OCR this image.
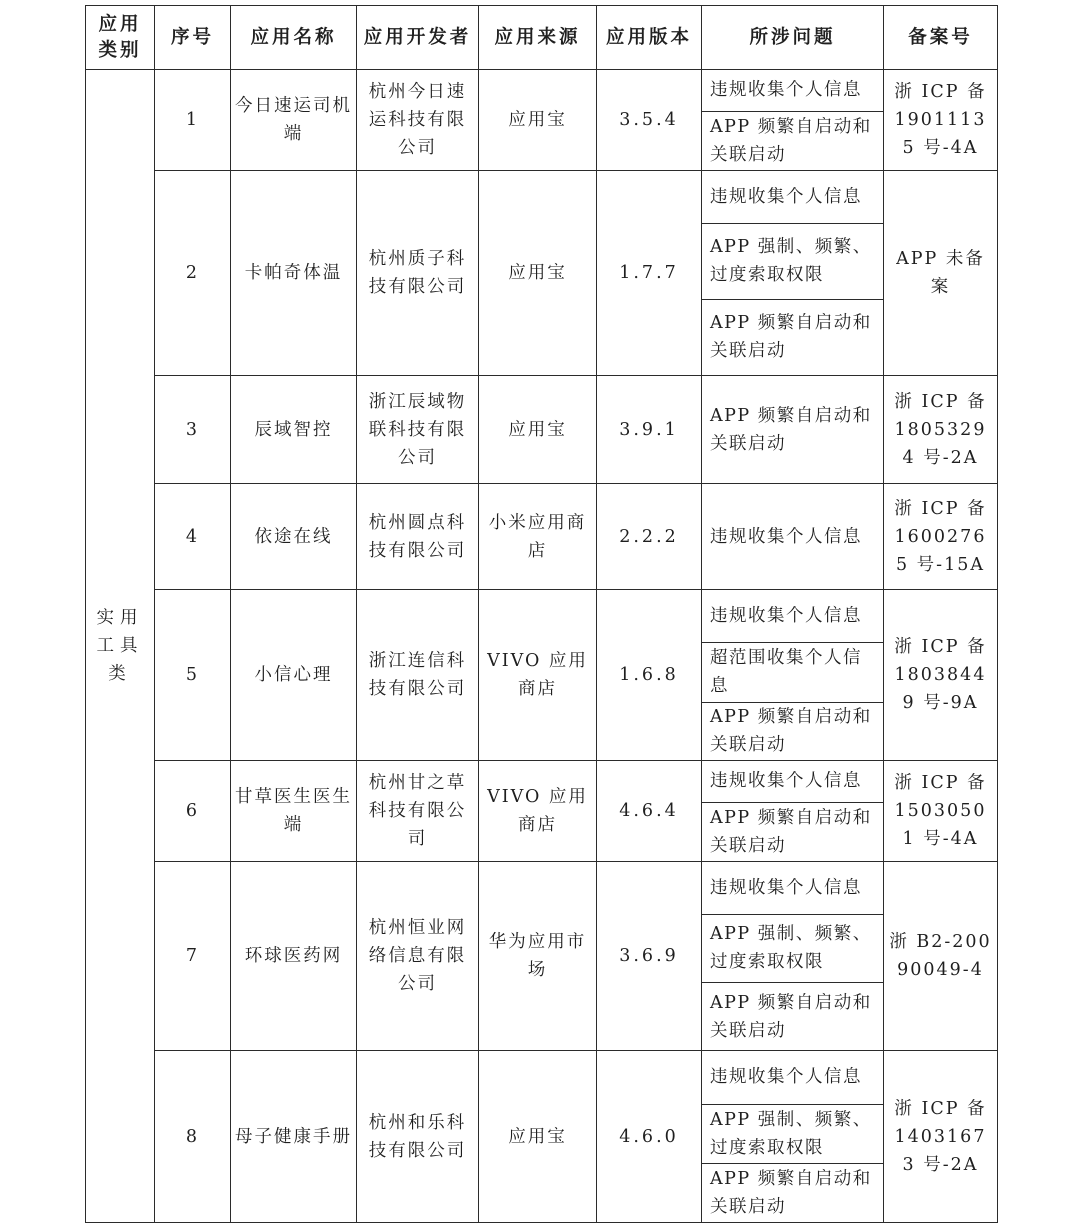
应用类别	序号	应用名称	应用开发者	应用来源	应用版本	所涉问题	备案号
实用工具类	1	今日速运司机端	杭州今日速运科技有限公司	应用宝	3.5.4	违规收集个人信息	浙 ICP 备 19011135 号-4A
						APP 频繁自启动和关联启动	
	2	卡帕奇体温	杭州质子科技有限公司	应用宝	1.7.7	违规收集个人信息	APP 未备案
						APP 强制、频繁、过度索取权限	
						APP 频繁自启动和关联启动	
	3	辰域智控	浙江辰域物联科技有限公司	应用宝	3.9.1	APP 频繁自启动和关联启动	浙 ICP 备 18053294 号-2A
	4	依途在线	杭州圆点科技有限公司	小米应用商店	2.2.2	违规收集个人信息	浙 ICP 备 16002765 号-15A
	5	小信心理	浙江连信科技有限公司	VIVO 应用商店	1.6.8	违规收集个人信息	浙 ICP 备 18038449 号-9A
						超范围收集个人信息	
						APP 频繁自启动和关联启动	
	6	甘草医生医生端	杭州甘之草科技有限公司	VIVO 应用商店	4.6.4	违规收集个人信息	浙 ICP 备 15030501 号-4A
						APP 频繁自启动和关联启动	
	7	环球医药网	杭州恒业网络信息有限公司	华为应用市场	3.6.9	违规收集个人信息	浙 B2-20090049-4
						APP 强制、频繁、过度索取权限	
						APP 频繁自启动和关联启动	
	8	母子健康手册	杭州和乐科技有限公司	应用宝	4.6.0	违规收集个人信息	浙 ICP 备 14031673 号-2A
						APP 强制、频繁、过度索取权限	
						APP 频繁自启动和关联启动	
